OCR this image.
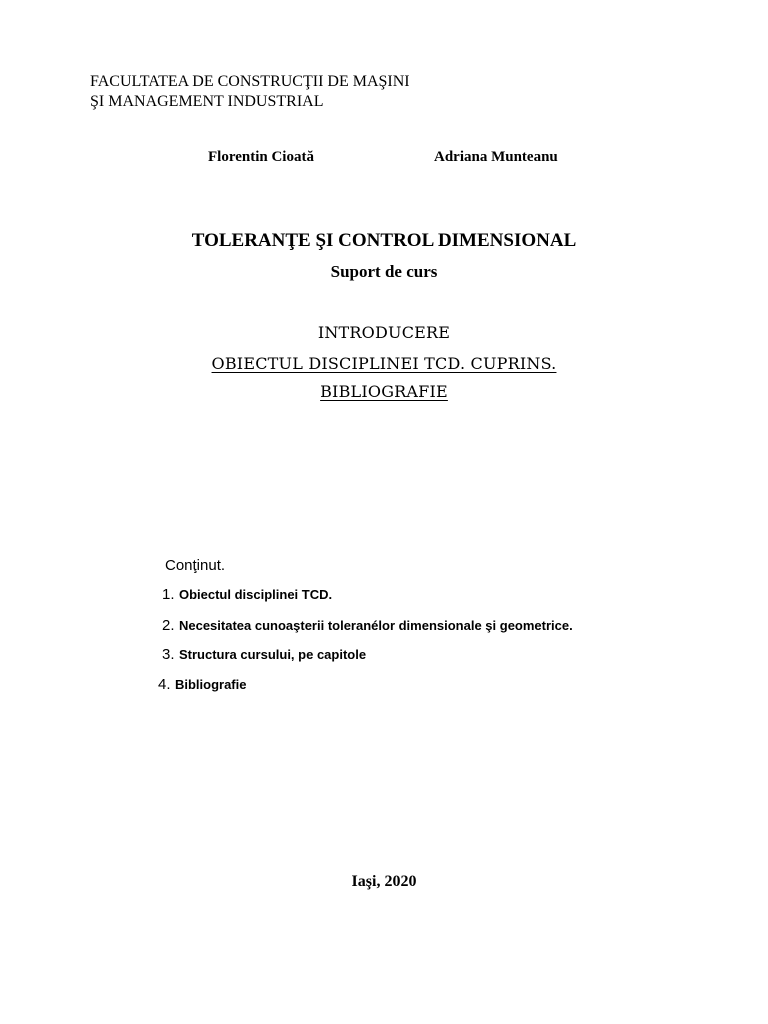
FACULTATEA DE CONSTRUCŢII DE MAŞINI
ŞI MANAGEMENT INDUSTRIAL
Florentin Cioată	Adriana Munteanu
TOLERANŢE ŞI CONTROL DIMENSIONAL
Suport de curs
INTRODUCERE
OBIECTUL DISCIPLINEI TCD. CUPRINS.
BIBLIOGRAFIE
Conţinut.
1. Obiectul disciplinei TCD.
2. Necesitatea cunoaşterii toleranélor dimensionale şi geometrice.
3. Structura cursului, pe capitole
4. Bibliografie
Iaşi, 2020
